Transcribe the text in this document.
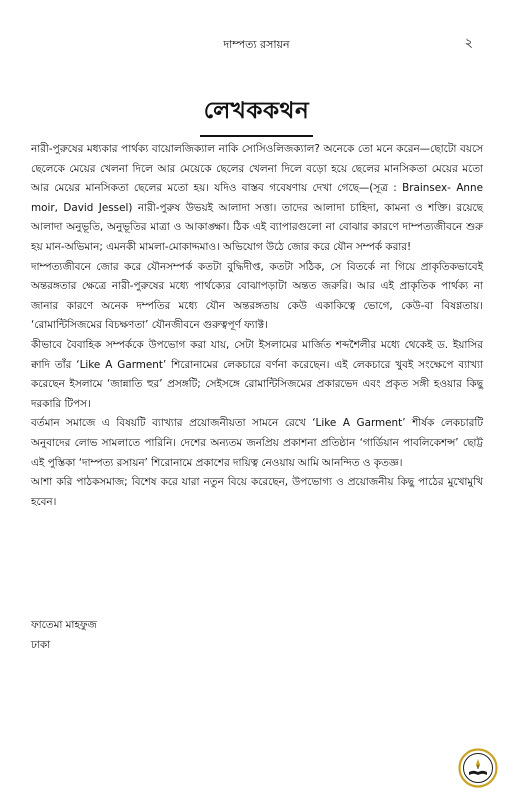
দাম্পত্য রসায়ন	২
লেখককথন

নারী-পুরুষের মধ্যকার পার্থক্য বায়োলজিক্যাল নাকি সোসিওলিজক্যাল? অনেকে তো মনে করেন—ছোটো বয়সে ছেলেকে মেয়ের খেলনা দিলে আর মেয়েকে ছেলের খেলনা দিলে বড়ো হয়ে ছেলের মানসিকতা মেয়ের মতো আর মেয়ের মানসিকতা ছেলের মতো হয়। যদিও বাস্তব গবেষণায় দেখা গেছে—(সূত্র : Brainsex- Anne moir, David Jessel) নারী-পুরুষ উভয়ই আলাদা সত্তা। তাদের আলাদা চাহিদা, কামনা ও শক্তি। রয়েছে আলাদা অনুভূতি, অনুভূতির মাত্রা ও আকাঙ্ক্ষা। ঠিক এই ব্যাপারগুলো না বোঝার কারণে দাম্পত্যজীবনে শুরু হয় মান-অভিমান; এমনকী মামলা-মোকাদ্দমাও। অভিযোগ উঠে জোর করে যৌন সম্পর্ক করার!

দাম্পত্যজীবনে জোর করে যৌনসম্পর্ক কতটা বুদ্ধিদীপ্ত, কতটা সঠিক, সে বিতর্কে না গিয়ে প্রাকৃতিকভাবেই অন্তরঙ্গতার ক্ষেত্রে নারী-পুরুষের মধ্যে পার্থক্যের বোঝাপড়াটা অন্তত জরুরি। আর এই প্রাকৃতিক পার্থক্য না জানার কারণে অনেক দম্পতির মধ্যে যৌন অন্তরঙ্গতায় কেউ একাকিত্বে ভোগে, কেউ-বা বিষণ্ণতায়। ‘রোমান্টিসিজমের বিচক্ষণতা’ যৌনজীবনে গুরুত্বপূর্ণ ফ্যাক্ট।

কীভাবে বৈবাহিক সম্পর্ককে উপভোগ করা যায়, সেটা ইসলামের মার্জিত শব্দশৈলীর মধ্যে থেকেই ড. ইয়াসির ক্বাদি তাঁর ‘Like A Garment’ শিরোনামের লেকচারে বর্ণনা করেছেন। এই লেকচারে খুবই সংক্ষেপে ব্যাখ্যা করেছেন ইসলামে ‘জান্নাতি হুর’ প্রসঙ্গটি; সেইসঙ্গে রোমান্টিসিজমের প্রকারভেদ এবং প্রকৃত সঙ্গী হওয়ার কিছু দরকারি টিপস।

বর্তমান সমাজে এ বিষয়টি ব্যাখ্যার প্রয়োজনীয়তা সামনে রেখে ‘Like A Garment’ শীর্ষক লেকচারটি অনুবাদের লোভ সামলাতে পারিনি। দেশের অন্যতম জনপ্রিয় প্রকাশনা প্রতিষ্ঠান ‘গার্ডিয়ান পাবলিকেশন্স’ ছোট্ট এই পুস্তিকা ‘দাম্পত্য রসায়ন’ শিরোনামে প্রকাশের দায়িত্ব নেওয়ায় আমি আনন্দিত ও কৃতজ্ঞ।

আশা করি পাঠকসমাজ; বিশেষ করে যারা নতুন বিয়ে করেছেন, উপভোগ্য ও প্রয়োজনীয় কিছু পাঠের মুখোমুখি হবেন।

ফাতেমা মাহফুজ
ঢাকা
